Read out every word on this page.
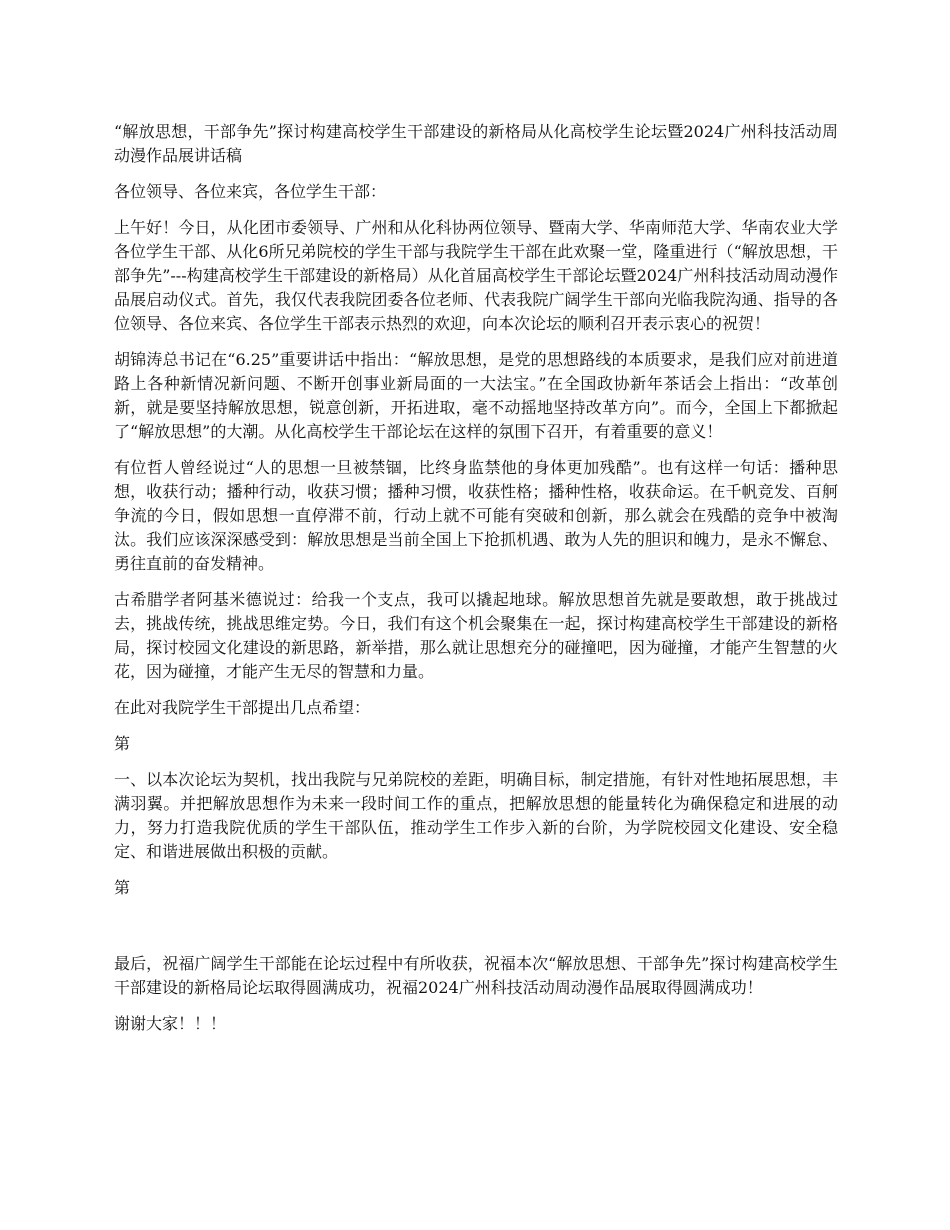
“解放思想，干部争先”探讨构建高校学生干部建设的新格局从化高校学生论坛暨2024广州科技活动周动漫作品展讲话稿

各位领导、各位来宾，各位学生干部：

上午好！今日，从化团市委领导、广州和从化科协两位领导、暨南大学、华南师范大学、华南农业大学各位学生干部、从化6所兄弟院校的学生干部与我院学生干部在此欢聚一堂，隆重进行（“解放思想，干部争先”---构建高校学生干部建设的新格局）从化首届高校学生干部论坛暨2024广州科技活动周动漫作品展启动仪式。首先，我仅代表我院团委各位老师、代表我院广阔学生干部向光临我院沟通、指导的各位领导、各位来宾、各位学生干部表示热烈的欢迎，向本次论坛的顺利召开表示衷心的祝贺！

胡锦涛总书记在“6.25”重要讲话中指出：“解放思想，是党的思想路线的本质要求，是我们应对前进道路上各种新情况新问题、不断开创事业新局面的一大法宝。”在全国政协新年茶话会上指出：“改革创新，就是要坚持解放思想，锐意创新，开拓进取，毫不动摇地坚持改革方向”。而今，全国上下都掀起了“解放思想”的大潮。从化高校学生干部论坛在这样的氛围下召开，有着重要的意义！

有位哲人曾经说过“人的思想一旦被禁锢，比终身监禁他的身体更加残酷”。也有这样一句话：播种思想，收获行动；播种行动，收获习惯；播种习惯，收获性格；播种性格，收获命运。在千帆竞发、百舸争流的今日，假如思想一直停滞不前，行动上就不可能有突破和创新，那么就会在残酷的竞争中被淘汰。我们应该深深感受到：解放思想是当前全国上下抢抓机遇、敢为人先的胆识和魄力，是永不懈怠、勇往直前的奋发精神。

古希腊学者阿基米德说过：给我一个支点，我可以撬起地球。解放思想首先就是要敢想，敢于挑战过去，挑战传统，挑战思维定势。今日，我们有这个机会聚集在一起，探讨构建高校学生干部建设的新格局，探讨校园文化建设的新思路，新举措，那么就让思想充分的碰撞吧，因为碰撞，才能产生智慧的火花，因为碰撞，才能产生无尽的智慧和力量。

在此对我院学生干部提出几点希望：

第

一、以本次论坛为契机，找出我院与兄弟院校的差距，明确目标，制定措施，有针对性地拓展思想，丰满羽翼。并把解放思想作为未来一段时间工作的重点，把解放思想的能量转化为确保稳定和进展的动力，努力打造我院优质的学生干部队伍，推动学生工作步入新的台阶，为学院校园文化建设、安全稳定、和谐进展做出积极的贡献。

第

最后，祝福广阔学生干部能在论坛过程中有所收获，祝福本次“解放思想、干部争先”探讨构建高校学生干部建设的新格局论坛取得圆满成功，祝福2024广州科技活动周动漫作品展取得圆满成功！

谢谢大家！！！
